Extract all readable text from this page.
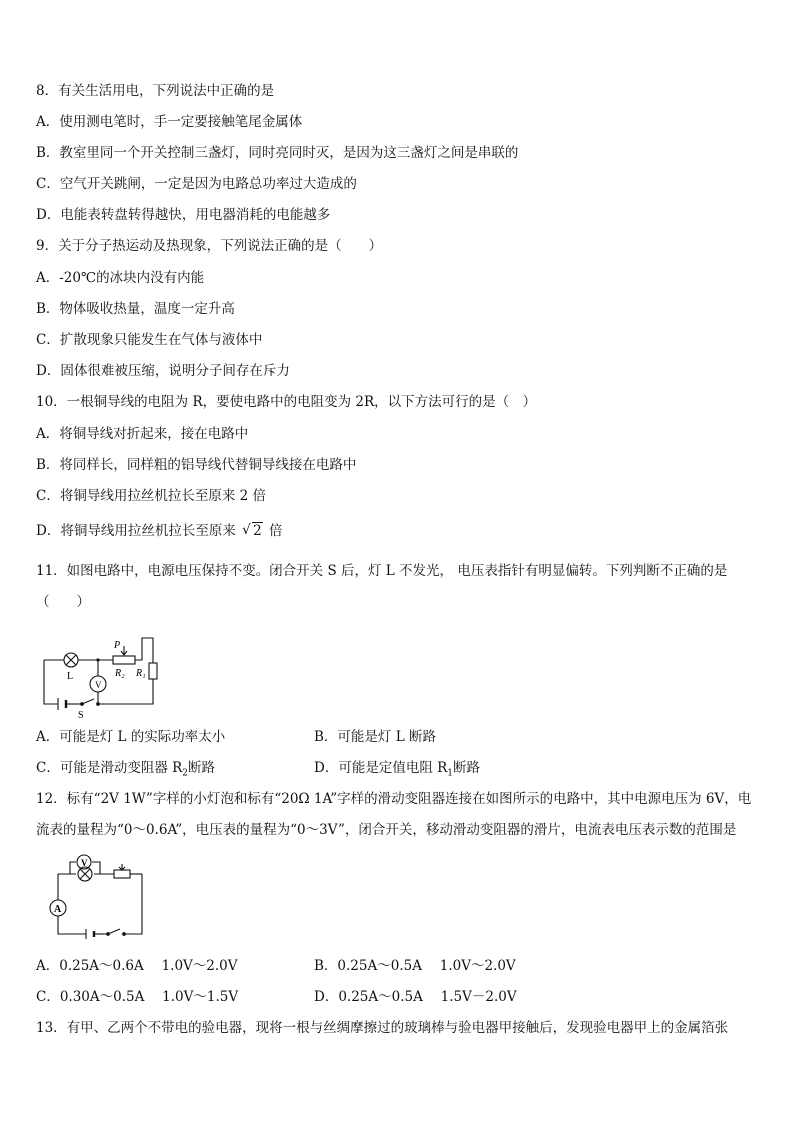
8．有关生活用电，下列说法中正确的是
A．使用测电笔时，手一定要接触笔尾金属体
B．教室里同一个开关控制三盏灯，同时亮同时灭，是因为这三盏灯之间是串联的
C．空气开关跳闸，一定是因为电路总功率过大造成的
D．电能表转盘转得越快，用电器消耗的电能越多
9．关于分子热运动及热现象，下列说法正确的是（　　）
A．-20℃的冰块内没有内能
B．物体吸收热量，温度一定升高
C．扩散现象只能发生在气体与液体中
D．固体很难被压缩，说明分子间存在斥力
10．一根铜导线的电阻为 R，要使电路中的电阻变为 2R，以下方法可行的是（　）
A．将铜导线对折起来，接在电路中
B．将同样长，同样粗的铝导线代替铜导线接在电路中
C．将铜导线用拉丝机拉长至原来 2 倍
D．将铜导线用拉丝机拉长至原来 √ 2 倍
11．如图电路中，电源电压保持不变。闭合开关 S 后，灯 L 不发光， 电压表指针有明显偏转。下列判断不正确的是
（　　）
P
R₂ R₁
L
V
S
A．可能是灯 L 的实际功率太小	B．可能是灯 L 断路
C．可能是滑动变阻器 $R_2$断路	D．可能是定值电阻 $R_1$断路
12．标有“2V 1W”字样的小灯泡和标有“20Ω 1A”字样的滑动变阻器连接在如图所示的电路中，其中电源电压为 6V，电
流表的量程为“0～0.6A”，电压表的量程为“0～3V”，闭合开关，移动滑动变阻器的滑片，电流表电压表示数的范围是
V
A
A．0.25A～0.6A　 1.0V～2.0V	B．0.25A～0.5A　 1.0V～2.0V
C．0.30A～0.5A　 1.0V～1.5V	D．0.25A～0.5A　 1.5V－2.0V
13．有甲、乙两个不带电的验电器，现将一根与丝绸摩擦过的玻璃棒与验电器甲接触后，发现验电器甲上的金属箔张
